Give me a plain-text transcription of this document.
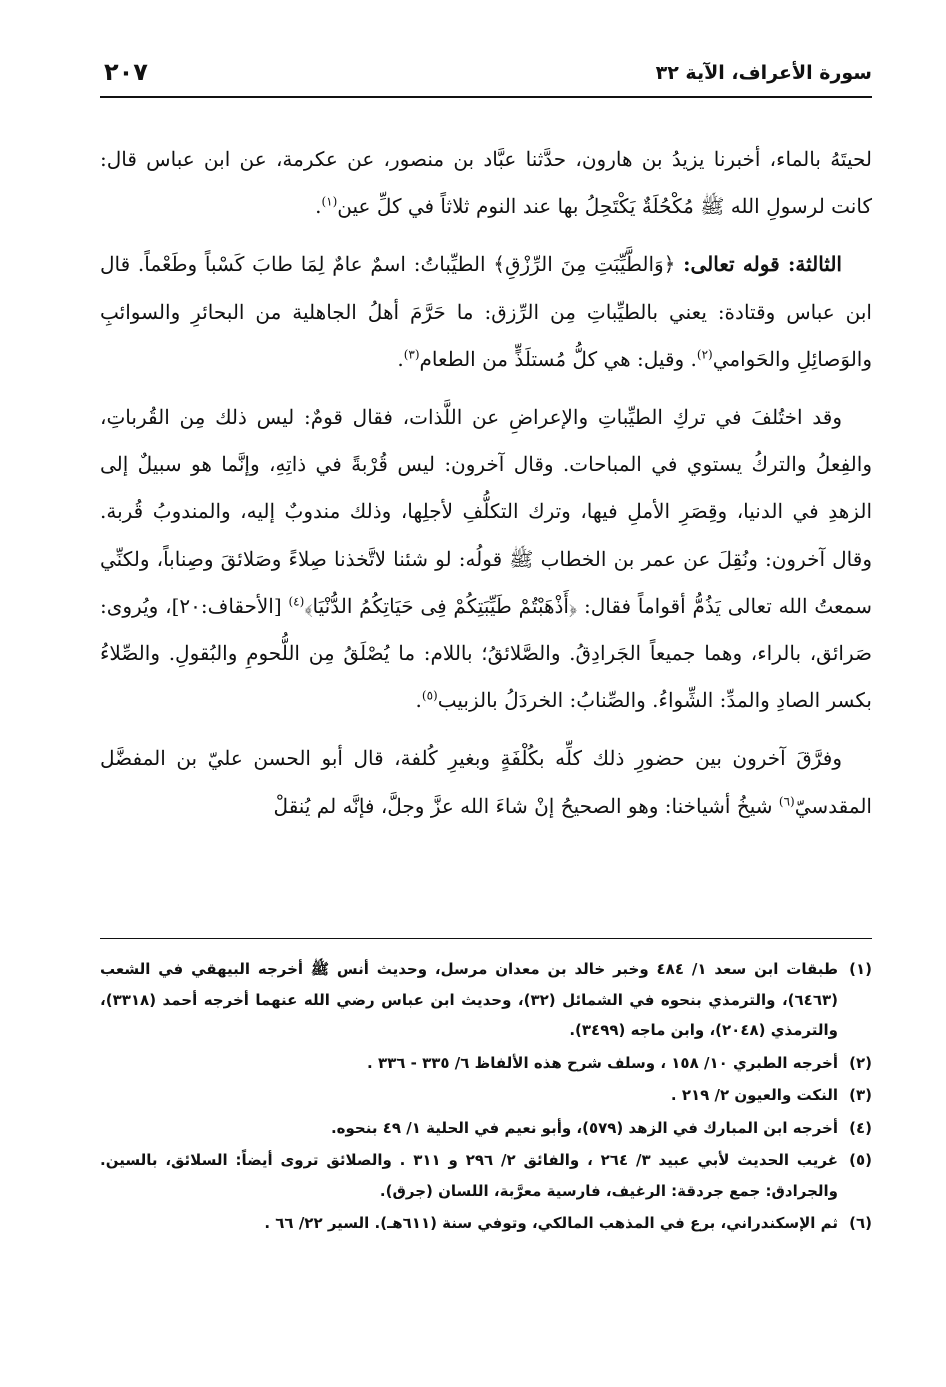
سورة الأعراف، الآية ٣٢
٢٠٧

لحيتَهُ بالماء، أخبرنا يزيدُ بن هارون، حدَّثنا عبَّاد بن منصور، عن عكرمة، عن ابن عباس قال: كانت لرسولِ الله ﷺ مُكْحُلَةٌ يَكْتَحِلُ بها عند النوم ثلاثاً في كلِّ عين$^{(١)}$.

الثالثة: قوله تعالى: ﴿وَالطَّيِّبَتِ مِنَ الرِّزْقِ﴾ الطيِّباتُ: اسمٌ عامٌ لِمَا طابَ كَسْباً وطَعْماً. قال ابن عباس وقتادة: يعني بالطيِّباتِ مِن الرِّزق: ما حَرَّمَ أهلُ الجاهلية من البحائرِ والسوائبِ والوَصائِلِ والحَوامي$^{(٢)}$. وقيل: هي كلُّ مُستلَذٍّ من الطعام$^{(٣)}$.

وقد اختُلفَ في تركِ الطيِّباتِ والإعراضِ عن اللَّذات، فقال قومٌ: ليس ذلك مِن القُرباتِ، والفِعلُ والتركُ يستوي في المباحات. وقال آخرون: ليس قُرْبةً في ذاتِهِ، وإنَّما هو سبيلٌ إلى الزهدِ في الدنيا، وقِصَرِ الأملِ فيها، وترك التكلُّفِ لأجلِها، وذلك مندوبٌ إليه، والمندوبُ قُربة. وقال آخرون: ونُقِلَ عن عمر بن الخطاب ﷺ قولُه: لو شئنا لاتَّخذنا صِلاءً وصَلائقَ وصِناباً، ولكنِّي سمعتُ الله تعالى يَذُمُّ أقواماً فقال: ﴿أَذْهَبْتُمْ طَيِّبَتِكُمْ فِى حَيَاتِكُمُ الدُّنْيَا﴾$^{(٤)}$ [الأحقاف:٢٠]، ويُروى: صَرائق، بالراء، وهما جميعاً الجَرادِقُ. والصَّلائقُ؛ باللام: ما يُصْلَقُ مِن اللُّحومِ والبُقولِ. والصِّلاءُ بكسر الصادِ والمدِّ: الشِّواءُ. والصِّنابُ: الخردَلُ بالزبيب$^{(٥)}$.

وفرَّقَ آخرون بين حضورِ ذلك كلِّه بكُلْفَةٍ وبغيرِ كُلفة، قال أبو الحسن عليّ بن المفضَّل المقدسيّ$^{(٦)}$ شيخُ أشياخنا: وهو الصحيحُ إنْ شاءَ الله عزَّ وجلَّ، فإنَّه لم يُنقلْ

(١)طبقات ابن سعد ١/ ٤٨٤ وخبر خالد بن معدان مرسل، وحديث أنس ﷺ أخرجه البيهقي في الشعب (٦٤٦٣)، والترمذي بنحوه في الشمائل (٣٢)، وحديث ابن عباس رضي الله عنهما أخرجه أحمد (٣٣١٨)، والترمذي (٢٠٤٨)، وابن ماجه (٣٤٩٩).

(٢)أخرجه الطبري ١٠/ ١٥٨ ، وسلف شرح هذه الألفاظ ٦/ ٣٣٥ - ٣٣٦ .

(٣)النكت والعيون ٢/ ٢١٩ .

(٤)أخرجه ابن المبارك في الزهد (٥٧٩)، وأبو نعيم في الحلية ١/ ٤٩ بنحوه.

(٥)غريب الحديث لأبي عبيد ٣/ ٢٦٤ ، والفائق ٢/ ٢٩٦ و ٣١١ . والصلائق تروى أيضاً: السلائق، بالسين. والجرادق: جمع جردقة: الرغيف، فارسية معرَّبة، اللسان (جرق).

(٦)ثم الإسكندراني، برع في المذهب المالكي، وتوفي سنة (٦١١هـ). السير ٢٢/ ٦٦ .
